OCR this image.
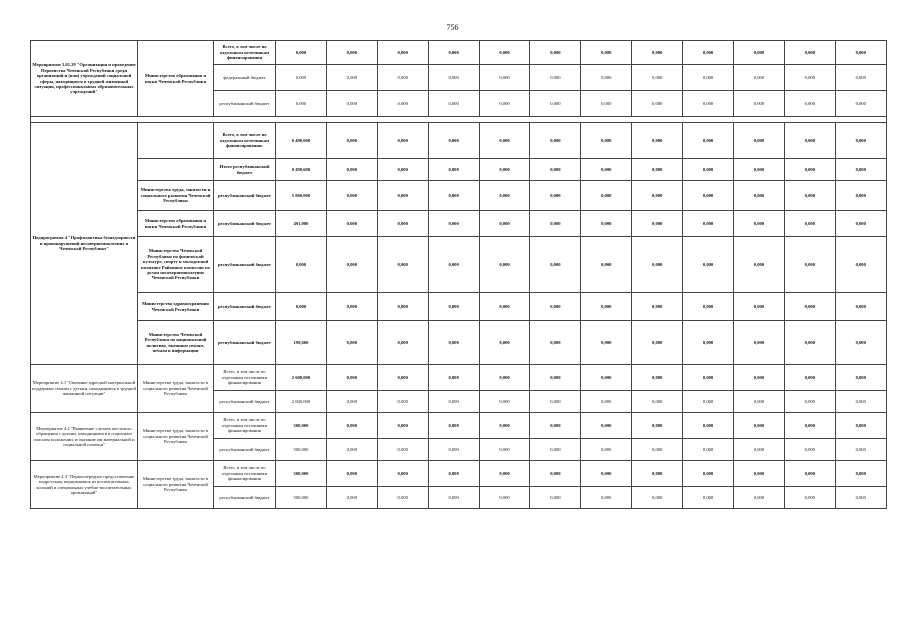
756
Мероприятие 3.01.29 "Организация и проведение Первенства Чеченской Республики среди организаций и (или) учреждений социальной сферы, находящихся в трудной жизненной ситуации, профессиональных образовательных учреждений"	Министерство образования и науки Чеченской Республики	Всего, в том числе по отдельным источникам финансирования	0,000	0,000	0,000	0,000	0,000	0,000	0,000	0,000	0,000	0,000	0,000	0,000
		федеральный бюджет	0,000	0,000	0,000	0,000	0,000	0,000	0,000	0,000	0,000	0,000	0,000	0,000
		республиканский бюджет	0,000	0,000	0,000	0,000	0,000	0,000	0,000	0,000	0,000	0,000	0,000	0,000

Подпрограмма 4 "Профилактика безнадзорности и правонарушений несовершеннолетних в Чеченской Республике"		Всего, в том числе по отдельным источникам финансирования:	6 490,600	0,000	0,000	0,000	0,000	0,000	0,000	0,000	0,000	0,000	0,000	0,000
		Итого республиканский бюджет	6 490,600	0,000	0,000	0,000	0,000	0,000	0,000	0,000	0,000	0,000	0,000	0,000
	Министерство труда, занятости и социального развития Чеченской Республики	республиканский бюджет	5 800,000	0,000	0,000	0,000	0,000	0,000	0,000	0,000	0,000	0,000	0,000	0,000
	Министерство образования и науки Чеченской Республики	республиканский бюджет	491,000	0,000	0,000	0,000	0,000	0,000	0,000	0,000	0,000	0,000	0,000	0,000
	Министерство Чеченской Республики по физической культуре, спорту и молодежной политике Районные комиссии по делам несовершеннолетних Чеченской Республики	республиканский бюджет	0,000	0,000	0,000	0,000	0,000	0,000	0,000	0,000	0,000	0,000	0,000	0,000
	Министерство здравоохранения Чеченской Республики	республиканский бюджет	0,000	0,000	0,000	0,000	0,000	0,000	0,000	0,000	0,000	0,000	0,000	0,000
	Министерство Чеченской Республики по национальной политике, внешним связям, печати и информации	республиканский бюджет	199,600	0,000	0,000	0,000	0,000	0,000	0,000	0,000	0,000	0,000	0,000	0,000
Мероприятие 4.1 "Оказание адресной материальной поддержки семьям с детьми, находящимся в трудной жизненной ситуации"	Министерство труда, занятости и социального развития Чеченской Республики	Всего, в том числе по отдельным источникам финансирования	2 600,000	0,000	0,000	0,000	0,000	0,000	0,000	0,000	0,000	0,000	0,000	0,000
		республиканский бюджет	2 600,000	0,000	0,000	0,000	0,000	0,000	0,000	0,000	0,000	0,000	0,000	0,000
Мероприятие 4.2 "Выявление случаев жестокого обращения с детьми, находящимися в социально опасном положении, и оказание им материальной и социальной помощи"	Министерство труда, занятости и социального развития Чеченской Республики	Всего, в том числе по отдельным источникам финансирования	500,000	0,000	0,000	0,000	0,000	0,000	0,000	0,000	0,000	0,000	0,000	0,000
		республиканский бюджет	500,000	0,000	0,000	0,000	0,000	0,000	0,000	0,000	0,000	0,000	0,000	0,000
Мероприятие 4.3 "Первоочередное предоставление подросткам, вернувшимся из воспитательных колоний и специальных учебно-воспитательных организаций"	Министерство труда, занятости и социального развития Чеченской Республики	Всего, в том числе по отдельным источникам финансирования	500,000	0,000	0,000	0,000	0,000	0,000	0,000	0,000	0,000	0,000	0,000	0,000
		республиканский бюджет	500,000	0,000	0,000	0,000	0,000	0,000	0,000	0,000	0,000	0,000	0,000	0,000
